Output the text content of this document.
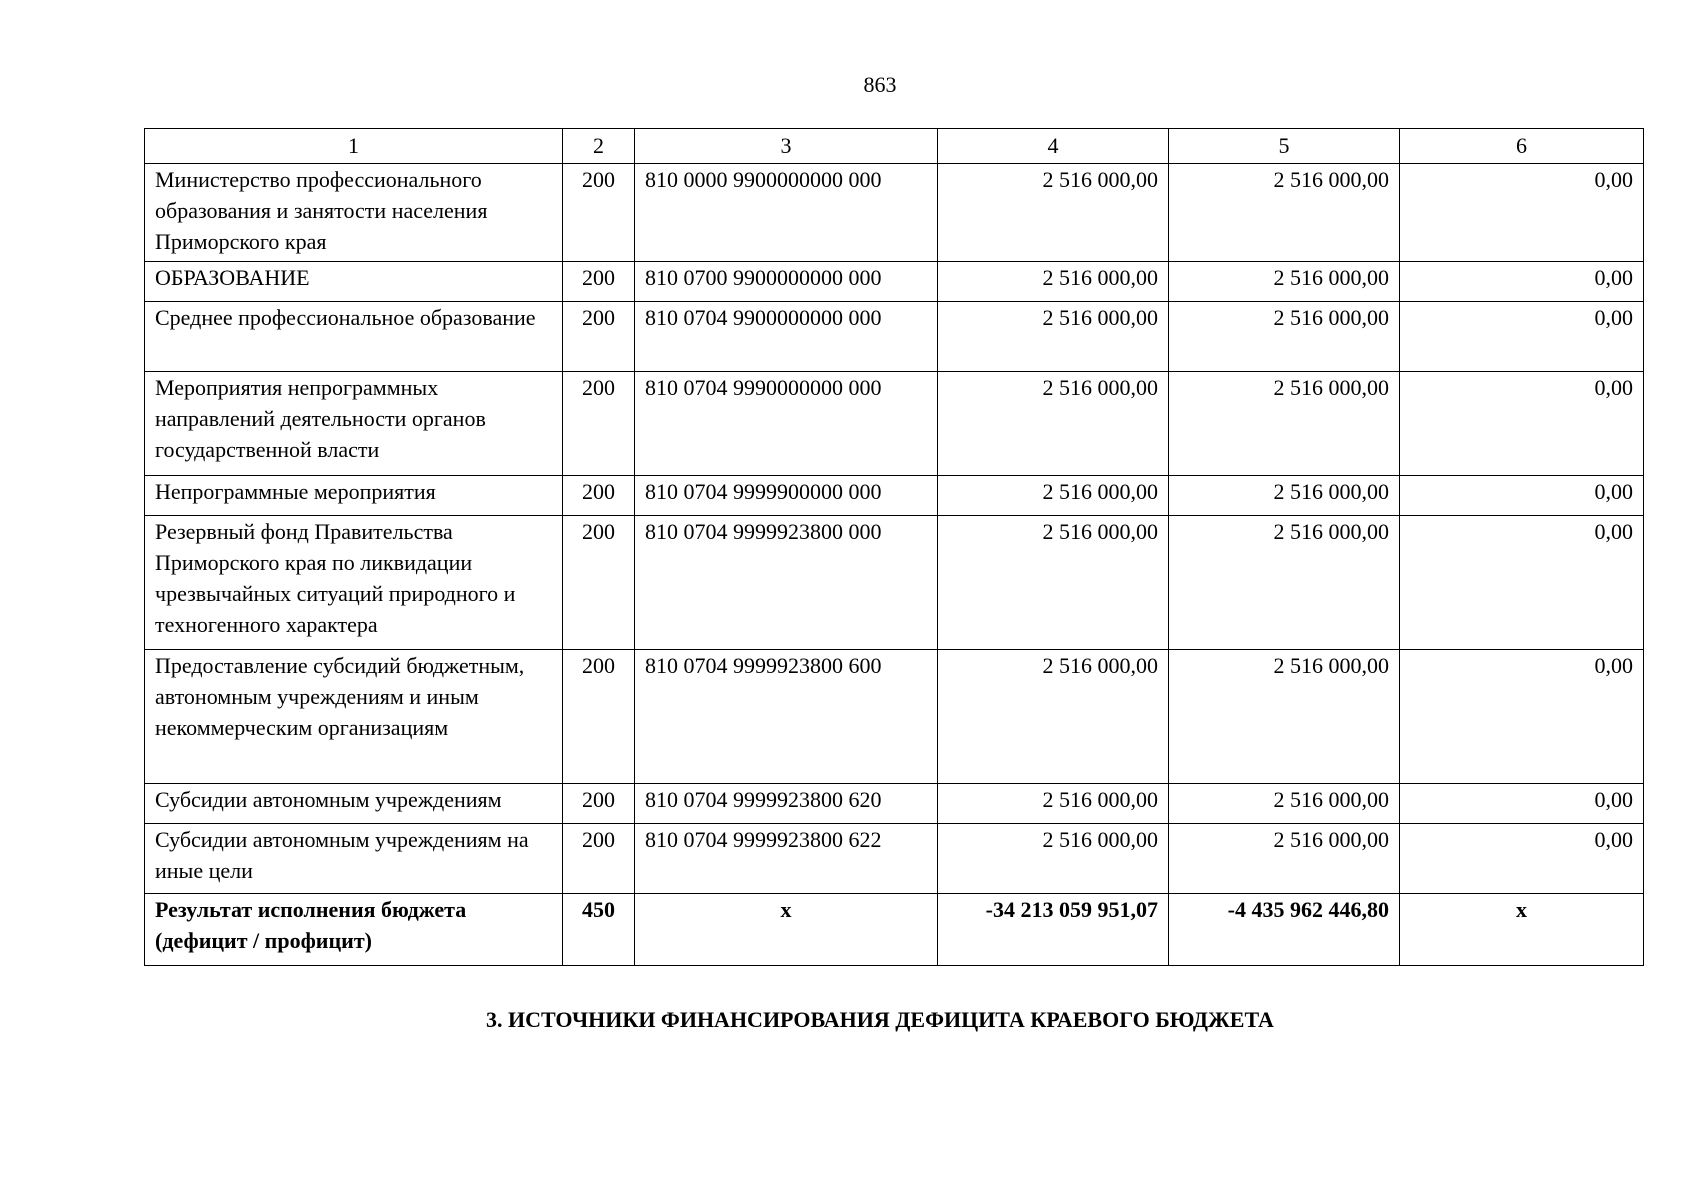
863
1	2	3	4	5	6
Министерство профессионального образования и занятости населения Приморского края	200	810 0000 9900000000 000	2 516 000,00	2 516 000,00	0,00
ОБРАЗОВАНИЕ	200	810 0700 9900000000 000	2 516 000,00	2 516 000,00	0,00
Среднее профессиональное образование	200	810 0704 9900000000 000	2 516 000,00	2 516 000,00	0,00
Мероприятия непрограммных направлений деятельности органов государственной власти	200	810 0704 9990000000 000	2 516 000,00	2 516 000,00	0,00
Непрограммные мероприятия	200	810 0704 9999900000 000	2 516 000,00	2 516 000,00	0,00
Резервный фонд Правительства Приморского края по ликвидации чрезвычайных ситуаций природного и техногенного характера	200	810 0704 9999923800 000	2 516 000,00	2 516 000,00	0,00
Предоставление субсидий бюджетным, автономным учреждениям и иным некоммерческим организациям	200	810 0704 9999923800 600	2 516 000,00	2 516 000,00	0,00
Субсидии автономным учреждениям	200	810 0704 9999923800 620	2 516 000,00	2 516 000,00	0,00
Субсидии автономным учреждениям на иные цели	200	810 0704 9999923800 622	2 516 000,00	2 516 000,00	0,00
Результат исполнения бюджета (дефицит / профицит)	450	x	-34 213 059 951,07	-4 435 962 446,80	x
3. ИСТОЧНИКИ ФИНАНСИРОВАНИЯ ДЕФИЦИТА КРАЕВОГО БЮДЖЕТА
